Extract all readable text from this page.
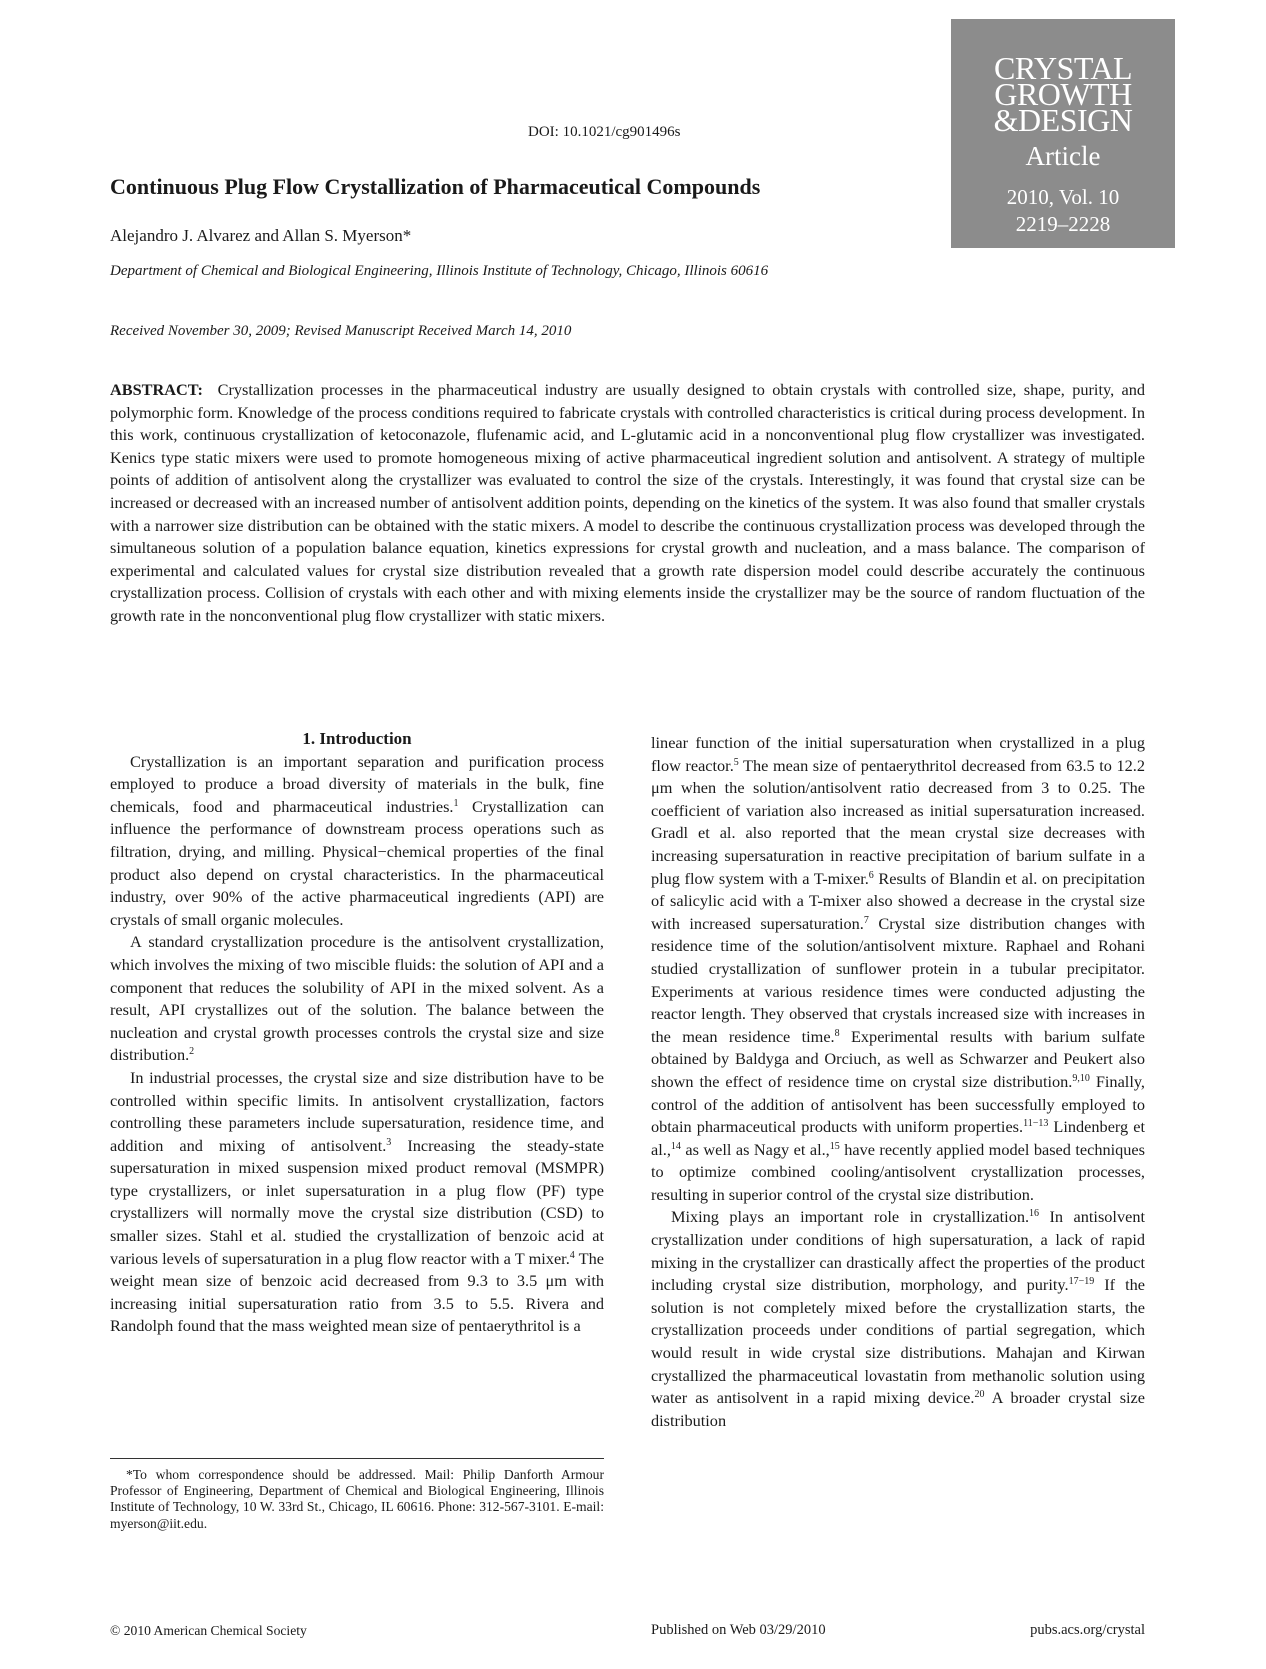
DOI: 10.1021/cg901496s
CRYSTAL
GROWTH
&DESIGN
Article
2010, Vol. 10
2219–2228
Continuous Plug Flow Crystallization of Pharmaceutical Compounds
Alejandro J. Alvarez and Allan S. Myerson*
Department of Chemical and Biological Engineering, Illinois Institute of Technology, Chicago, Illinois 60616
Received November 30, 2009; Revised Manuscript Received March 14, 2010

ABSTRACT: Crystallization processes in the pharmaceutical industry are usually designed to obtain crystals with controlled size, shape, purity, and polymorphic form. Knowledge of the process conditions required to fabricate crystals with controlled characteristics is critical during process development. In this work, continuous crystallization of ketoconazole, flufenamic acid, and L-glutamic acid in a nonconventional plug flow crystallizer was investigated. Kenics type static mixers were used to promote homogeneous mixing of active pharmaceutical ingredient solution and antisolvent. A strategy of multiple points of addition of antisolvent along the crystallizer was evaluated to control the size of the crystals. Interestingly, it was found that crystal size can be increased or decreased with an increased number of antisolvent addition points, depending on the kinetics of the system. It was also found that smaller crystals with a narrower size distribution can be obtained with the static mixers. A model to describe the continuous crystallization process was developed through the simultaneous solution of a population balance equation, kinetics expressions for crystal growth and nucleation, and a mass balance. The comparison of experimental and calculated values for crystal size distribution revealed that a growth rate dispersion model could describe accurately the continuous crystallization process. Collision of crystals with each other and with mixing elements inside the crystallizer may be the source of random fluctuation of the growth rate in the nonconventional plug flow crystallizer with static mixers.

1. Introduction

Crystallization is an important separation and purification process employed to produce a broad diversity of materials in the bulk, fine chemicals, food and pharmaceutical industries.$^1$ Crystallization can influence the performance of downstream process operations such as filtration, drying, and milling. Physical−chemical properties of the final product also depend on crystal characteristics. In the pharmaceutical industry, over 90% of the active pharmaceutical ingredients (API) are crystals of small organic molecules.

A standard crystallization procedure is the antisolvent crystallization, which involves the mixing of two miscible fluids: the solution of API and a component that reduces the solubility of API in the mixed solvent. As a result, API crystallizes out of the solution. The balance between the nucleation and crystal growth processes controls the crystal size and size distribution.$^2$

In industrial processes, the crystal size and size distribution have to be controlled within specific limits. In antisolvent crystallization, factors controlling these parameters include supersaturation, residence time, and addition and mixing of antisolvent.$^3$ Increasing the steady-state supersaturation in mixed suspension mixed product removal (MSMPR) type crystallizers, or inlet supersaturation in a plug flow (PF) type crystallizers will normally move the crystal size distribution (CSD) to smaller sizes. Stahl et al. studied the crystallization of benzoic acid at various levels of supersaturation in a plug flow reactor with a T mixer.$^4$ The weight mean size of benzoic acid decreased from 9.3 to 3.5 μm with increasing initial supersaturation ratio from 3.5 to 5.5. Rivera and Randolph found that the mass weighted mean size of pentaerythritol is a

linear function of the initial supersaturation when crystallized in a plug flow reactor.$^5$ The mean size of pentaerythritol decreased from 63.5 to 12.2 μm when the solution/antisolvent ratio decreased from 3 to 0.25. The coefficient of variation also increased as initial supersaturation increased. Gradl et al. also reported that the mean crystal size decreases with increasing supersaturation in reactive precipitation of barium sulfate in a plug flow system with a T-mixer.$^6$ Results of Blandin et al. on precipitation of salicylic acid with a T-mixer also showed a decrease in the crystal size with increased supersaturation.$^7$ Crystal size distribution changes with residence time of the solution/antisolvent mixture. Raphael and Rohani studied crystallization of sunflower protein in a tubular precipitator. Experiments at various residence times were conducted adjusting the reactor length. They observed that crystals increased size with increases in the mean residence time.$^8$ Experimental results with barium sulfate obtained by Baldyga and Orciuch, as well as Schwarzer and Peukert also shown the effect of residence time on crystal size distribution.$^{9,10}$ Finally, control of the addition of antisolvent has been successfully employed to obtain pharmaceutical products with uniform properties.$^{11-13}$ Lindenberg et al.,$^{14}$ as well as Nagy et al.,$^{15}$ have recently applied model based techniques to optimize combined cooling/antisolvent crystallization processes, resulting in superior control of the crystal size distribution.

Mixing plays an important role in crystallization.$^{16}$ In antisolvent crystallization under conditions of high supersaturation, a lack of rapid mixing in the crystallizer can drastically affect the properties of the product including crystal size distribution, morphology, and purity.$^{17-19}$ If the solution is not completely mixed before the crystallization starts, the crystallization proceeds under conditions of partial segregation, which would result in wide crystal size distributions. Mahajan and Kirwan crystallized the pharmaceutical lovastatin from methanolic solution using water as antisolvent in a rapid mixing device.$^{20}$ A broader crystal size distribution

*To whom correspondence should be addressed. Mail: Philip Danforth Armour Professor of Engineering, Department of Chemical and Biological Engineering, Illinois Institute of Technology, 10 W. 33rd St., Chicago, IL 60616. Phone: 312-567-3101. E-mail: myerson@iit.edu.
© 2010 American Chemical Society	Published on Web 03/29/2010	pubs.acs.org/crystal
